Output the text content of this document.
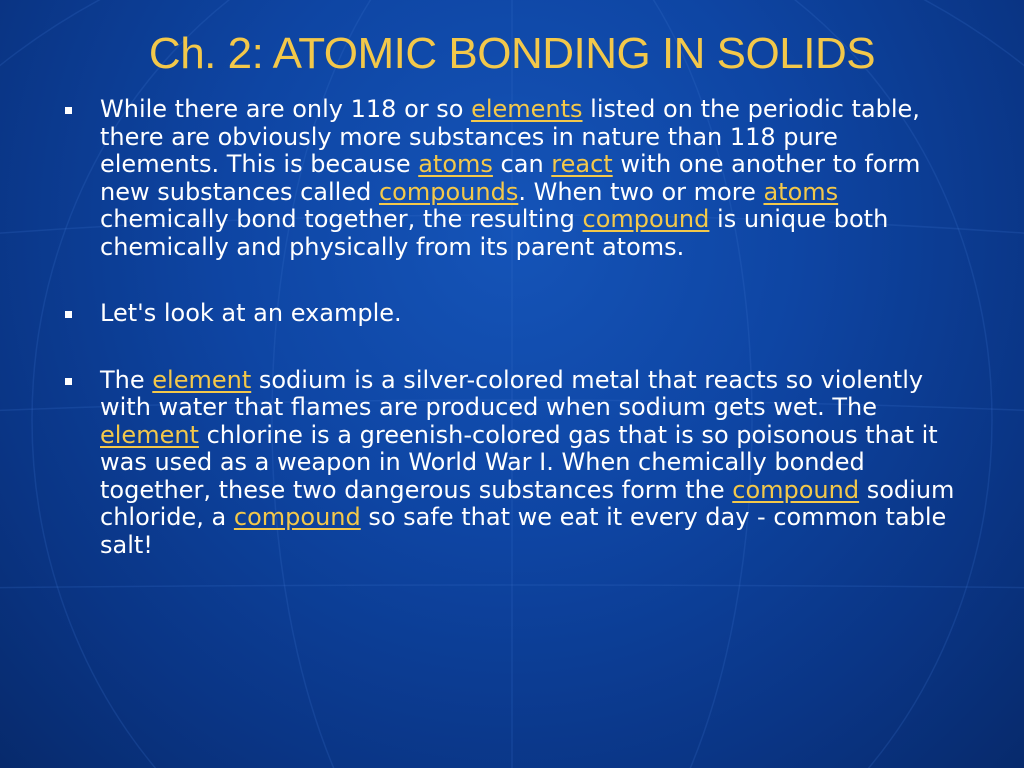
Ch. 2: ATOMIC BONDING IN SOLIDS
While there are only 118 or so elements listed on the periodic table, there are obviously more substances in nature than 118 pure elements. This is because atoms can react with one another to form new substances called compounds. When two or more atoms chemically bond together, the resulting compound is unique both chemically and physically from its parent atoms.
Let's look at an example.
The element sodium is a silver-colored metal that reacts so violently with water that flames are produced when sodium gets wet. The element chlorine is a greenish-colored gas that is so poisonous that it was used as a weapon in World War I. When chemically bonded together, these two dangerous substances form the compound sodium chloride, a compound so safe that we eat it every day - common table salt!
